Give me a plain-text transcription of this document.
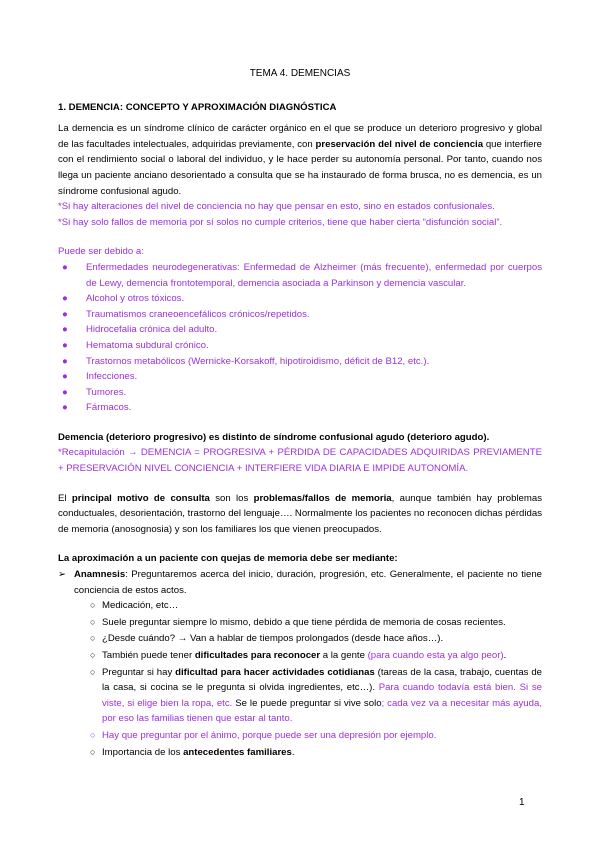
TEMA 4. DEMENCIAS
1. DEMENCIA: CONCEPTO Y APROXIMACIÓN DIAGNÓSTICA

La demencia es un síndrome clínico de carácter orgánico en el que se produce un deterioro progresivo y global de las facultades intelectuales, adquiridas previamente, con preservación del nivel de conciencia que interfiere con el rendimiento social o laboral del individuo, y le hace perder su autonomía personal. Por tanto, cuando nos llega un paciente anciano desorientado a consulta que se ha instaurado de forma brusca, no es demencia, es un síndrome confusional agudo.

*Si hay alteraciones del nivel de conciencia no hay que pensar en esto, sino en estados confusionales.

*Si hay solo fallos de memoria por sí solos no cumple criterios, tiene que haber cierta “disfunción social”.

Puede ser debido a:

● Enfermedades neurodegenerativas: Enfermedad de Alzheimer (más frecuente), enfermedad por cuerpos de Lewy, demencia frontotemporal, demencia asociada a Parkinson y demencia vascular.
● Alcohol y otros tóxicos.
● Traumatismos craneoencefálicos crónicos/repetidos.
● Hidrocefalia crónica del adulto.
● Hematoma subdural crónico.
● Trastornos metabólicos (Wernicke-Korsakoff, hipotiroidismo, déficit de B12, etc.).
● Infecciones.
● Tumores.
● Fármacos.

Demencia (deterioro progresivo) es distinto de síndrome confusional agudo (deterioro agudo).

*Recapitulación → DEMENCIA = PROGRESIVA + PÉRDIDA DE CAPACIDADES ADQUIRIDAS PREVIAMENTE + PRESERVACIÓN NIVEL CONCIENCIA + INTERFIERE VIDA DIARIA E IMPIDE AUTONOMÍA.

El principal motivo de consulta son los problemas/fallos de memoria, aunque también hay problemas conductuales, desorientación, trastorno del lenguaje…. Normalmente los pacientes no reconocen dichas pérdidas de memoria (anosognosia) y son los familiares los que vienen preocupados.

La aproximación a un paciente con quejas de memoria debe ser mediante:

➢ Anamnesis: Preguntaremos acerca del inicio, duración, progresión, etc. Generalmente, el paciente no tiene conciencia de estos actos.
○ Medicación, etc…
○ Suele preguntar siempre lo mismo, debido a que tiene pérdida de memoria de cosas recientes.
○ ¿Desde cuándo? → Van a hablar de tiempos prolongados (desde hace años…).
○ También puede tener dificultades para reconocer a la gente (para cuando esta ya algo peor).
○ Preguntar si hay dificultad para hacer actividades cotidianas (tareas de la casa, trabajo, cuentas de la casa, si cocina se le pregunta si olvida ingredientes, etc…). Para cuando todavía está bien. Si se viste, si elige bien la ropa, etc. Se le puede preguntar si vive solo; cada vez va a necesitar más ayuda, por eso las familias tienen que estar al tanto.
○ Hay que preguntar por el ánimo, porque puede ser una depresión por ejemplo.
○ Importancia de los antecedentes familiares.
1
